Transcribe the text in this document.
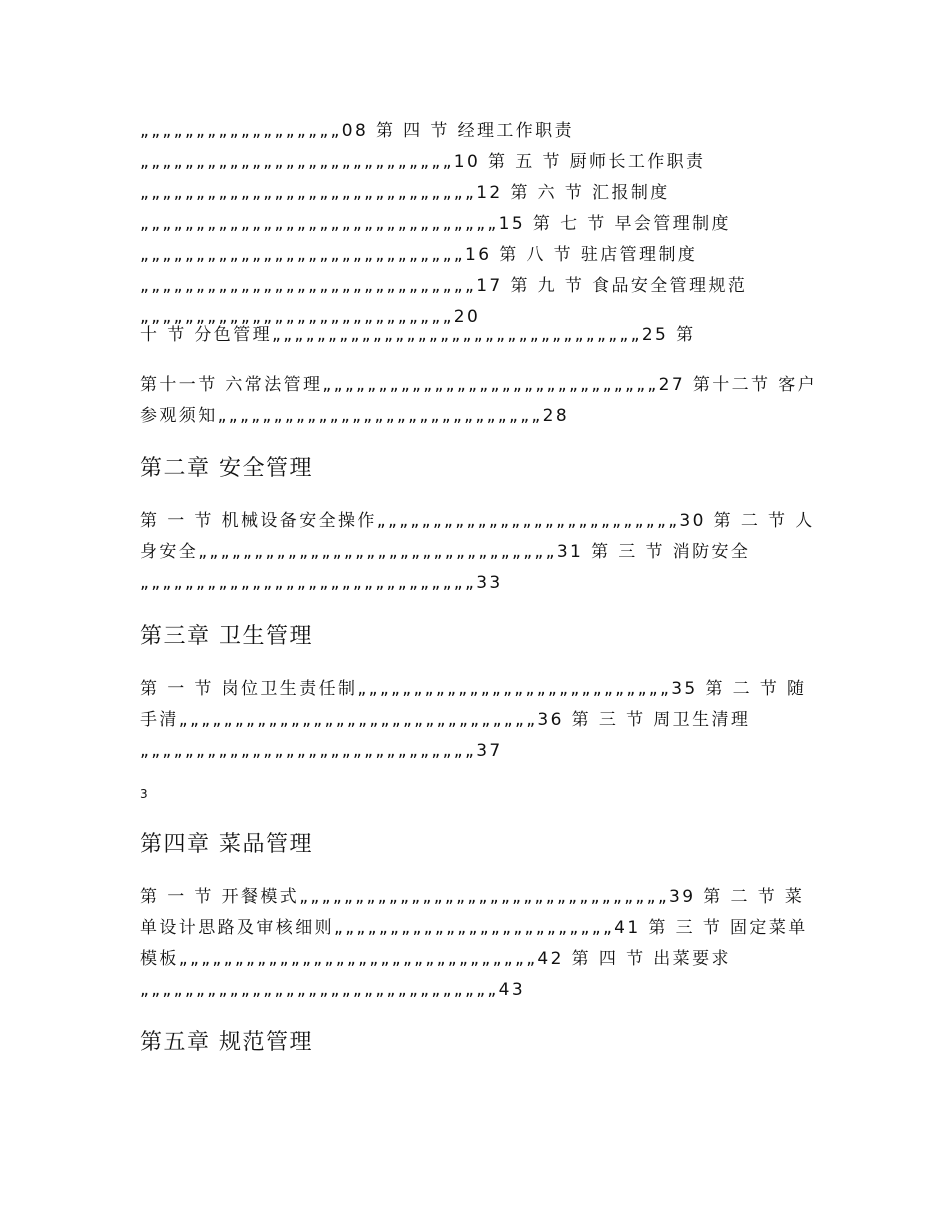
„„„„„„„„„„„„„„„„„„08 第 四 节 经理工作职责„„„„„„„„„„„„„„„„„„„„„„„„„„„„10 第 五 节 厨师长工作职责„„„„„„„„„„„„„„„„„„„„„„„„„„„„„„12 第 六 节 汇报制度„„„„„„„„„„„„„„„„„„„„„„„„„„„„„„„„15 第 七 节 早会管理制度„„„„„„„„„„„„„„„„„„„„„„„„„„„„„16 第 八 节 驻店管理制度„„„„„„„„„„„„„„„„„„„„„„„„„„„„„„17 第 九 节 食品安全管理规范„„„„„„„„„„„„„„„„„„„„„„„„„„„„20

十 节 分色管理„„„„„„„„„„„„„„„„„„„„„„„„„„„„„„„„„25 第

第十一节 六常法管理„„„„„„„„„„„„„„„„„„„„„„„„„„„„„„27 第十二节 客户参观须知„„„„„„„„„„„„„„„„„„„„„„„„„„„„„28

第二章 安全管理

第 一 节 机械设备安全操作„„„„„„„„„„„„„„„„„„„„„„„„„„„30 第 二 节 人身安全„„„„„„„„„„„„„„„„„„„„„„„„„„„„„„„„31 第 三 节 消防安全„„„„„„„„„„„„„„„„„„„„„„„„„„„„„„33

第三章 卫生管理

第 一 节 岗位卫生责任制„„„„„„„„„„„„„„„„„„„„„„„„„„„„35 第 二 节 随手清„„„„„„„„„„„„„„„„„„„„„„„„„„„„„„„„36 第 三 节 周卫生清理„„„„„„„„„„„„„„„„„„„„„„„„„„„„„„37

3
第四章 菜品管理

第 一 节 开餐模式„„„„„„„„„„„„„„„„„„„„„„„„„„„„„„„„„39 第 二 节 菜单设计思路及审核细则„„„„„„„„„„„„„„„„„„„„„„„„„41 第 三 节 固定菜单模板„„„„„„„„„„„„„„„„„„„„„„„„„„„„„„„„42 第 四 节 出菜要求„„„„„„„„„„„„„„„„„„„„„„„„„„„„„„„„43

第五章 规范管理
